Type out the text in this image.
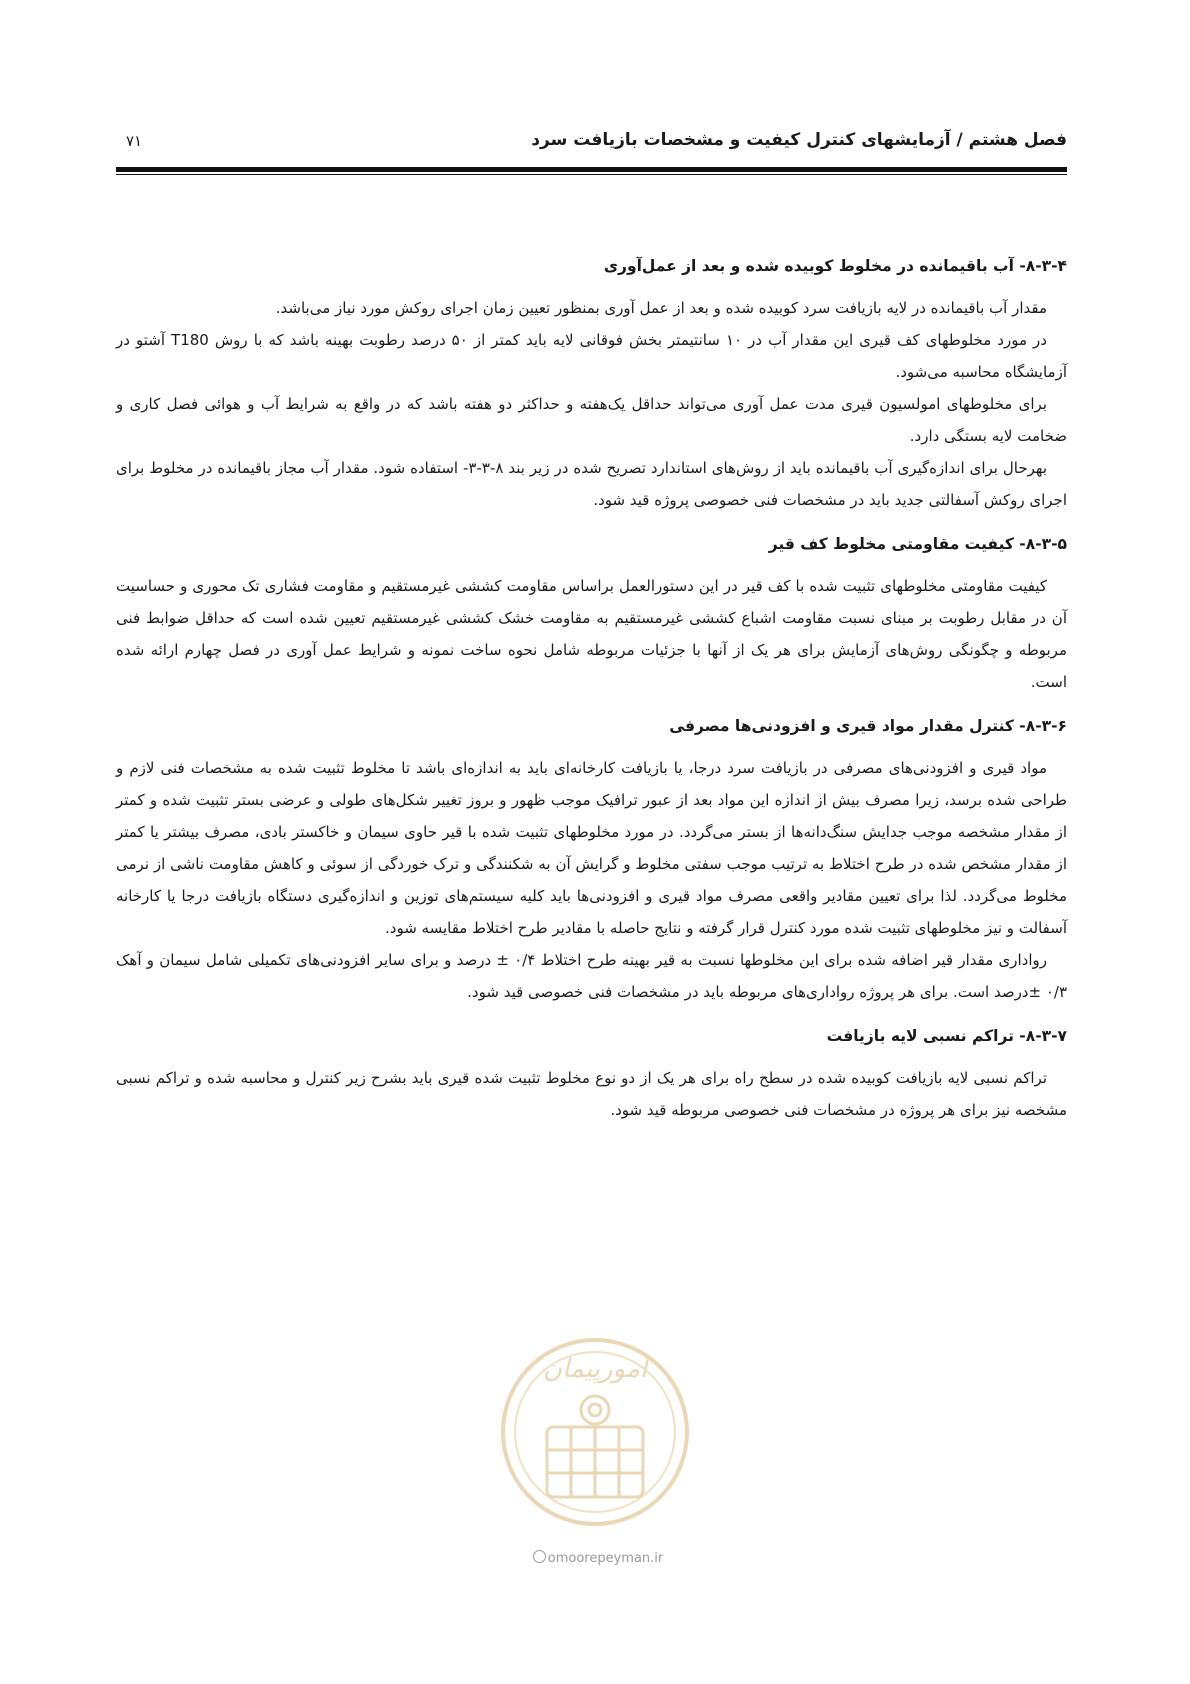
فصل هشتم / آزمایشهای کنترل کیفیت و مشخصات بازیافت سرد
۷۱
۸-۳-۴- آب باقیمانده در مخلوط کوبیده شده و بعد از عمل‌آوری

مقدار آب باقیمانده در لایه بازیافت سرد کوبیده شده و بعد از عمل آوری بمنظور تعیین زمان اجرای روکش مورد نیاز می‌باشد.

در مورد مخلوطهای کف قیری این مقدار آب در ۱۰ سانتیمتر بخش فوقانی لایه باید کمتر از ۵۰ درصد رطوبت بهینه باشد که با روش T180 آشتو در آزمایشگاه محاسبه می‌شود.

برای مخلوطهای امولسیون قیری مدت عمل آوری می‌تواند حداقل یک‌هفته و حداکثر دو هفته باشد که در واقع به شرایط آب و هوائی فصل کاری و ضخامت لایه بستگی دارد.

بهرحال برای اندازه‌گیری آب باقیمانده باید از روش‌های استاندارد تصریح شده در زیر بند ۸-۳-۳- استفاده شود. مقدار آب مجاز باقیمانده در مخلوط برای اجرای روکش آسفالتی جدید باید در مشخصات فنی خصوصی پروژه قید شود.

۸-۳-۵- کیفیت مقاومتی مخلوط کف قیر

کیفیت مقاومتی مخلوطهای تثبیت شده با کف قیر در این دستورالعمل براساس مقاومت کششی غیرمستقیم و مقاومت فشاری تک محوری و حساسیت آن در مقابل رطوبت بر مبنای نسبت مقاومت اشباع کششی غیرمستقیم به مقاومت خشک کششی غیرمستقیم تعیین شده است که حداقل ضوابط فنی مربوطه و چگونگی روش‌های آزمایش برای هر یک از آنها با جزئیات مربوطه شامل نحوه ساخت نمونه و شرایط عمل آوری در فصل چهارم ارائه شده است.

۸-۳-۶- کنترل مقدار مواد قیری و افزودنی‌ها مصرفی

مواد قیری و افزودنی‌های مصرفی در بازیافت سرد درجا، یا بازیافت کارخانه‌ای باید به اندازه‌ای باشد تا مخلوط تثبیت شده به مشخصات فنی لازم و طراحی شده برسد، زیرا مصرف بیش از اندازه این مواد بعد از عبور ترافیک موجب ظهور و بروز تغییر شکل‌های طولی و عرضی بستر تثبیت شده و کمتر از مقدار مشخصه موجب جدایش سنگ‌دانه‌ها از بستر می‌گردد. در مورد مخلوطهای تثبیت شده با قیر حاوی سیمان و خاکستر بادی، مصرف بیشتر یا کمتر از مقدار مشخص شده در طرح اختلاط به ترتیب موجب سفتی مخلوط و گرایش آن به شکنندگی و ترک خوردگی از سوئی و کاهش مقاومت ناشی از نرمی مخلوط می‌گردد. لذا برای تعیین مقادیر واقعی مصرف مواد قیری و افزودنی‌ها باید کلیه سیستم‌های توزین و اندازه‌گیری دستگاه بازیافت درجا یا کارخانه آسفالت و نیز مخلوطهای تثبیت شده مورد کنترل قرار گرفته و نتایج حاصله با مقادیر طرح اختلاط مقایسه شود.

رواداری مقدار قیر اضافه شده برای این مخلوطها نسبت به قیر بهینه طرح اختلاط ۰/۴ ± درصد و برای سایر افزودنی‌های تکمیلی شامل سیمان و آهک ۰/۳ ±درصد است. برای هر پروژه رواداری‌های مربوطه باید در مشخصات فنی خصوصی قید شود.

۸-۳-۷- تراکم نسبی لایه بازیافت

تراکم نسبی لایه بازیافت کوبیده شده در سطح راه برای هر یک از دو نوع مخلوط تثبیت شده قیری باید بشرح زیر کنترل و محاسبه شده و تراکم نسبی مشخصه نیز برای هر پروژه در مشخصات فنی خصوصی مربوطه قید شود.

امورپیمان
omoorepeyman.ir
